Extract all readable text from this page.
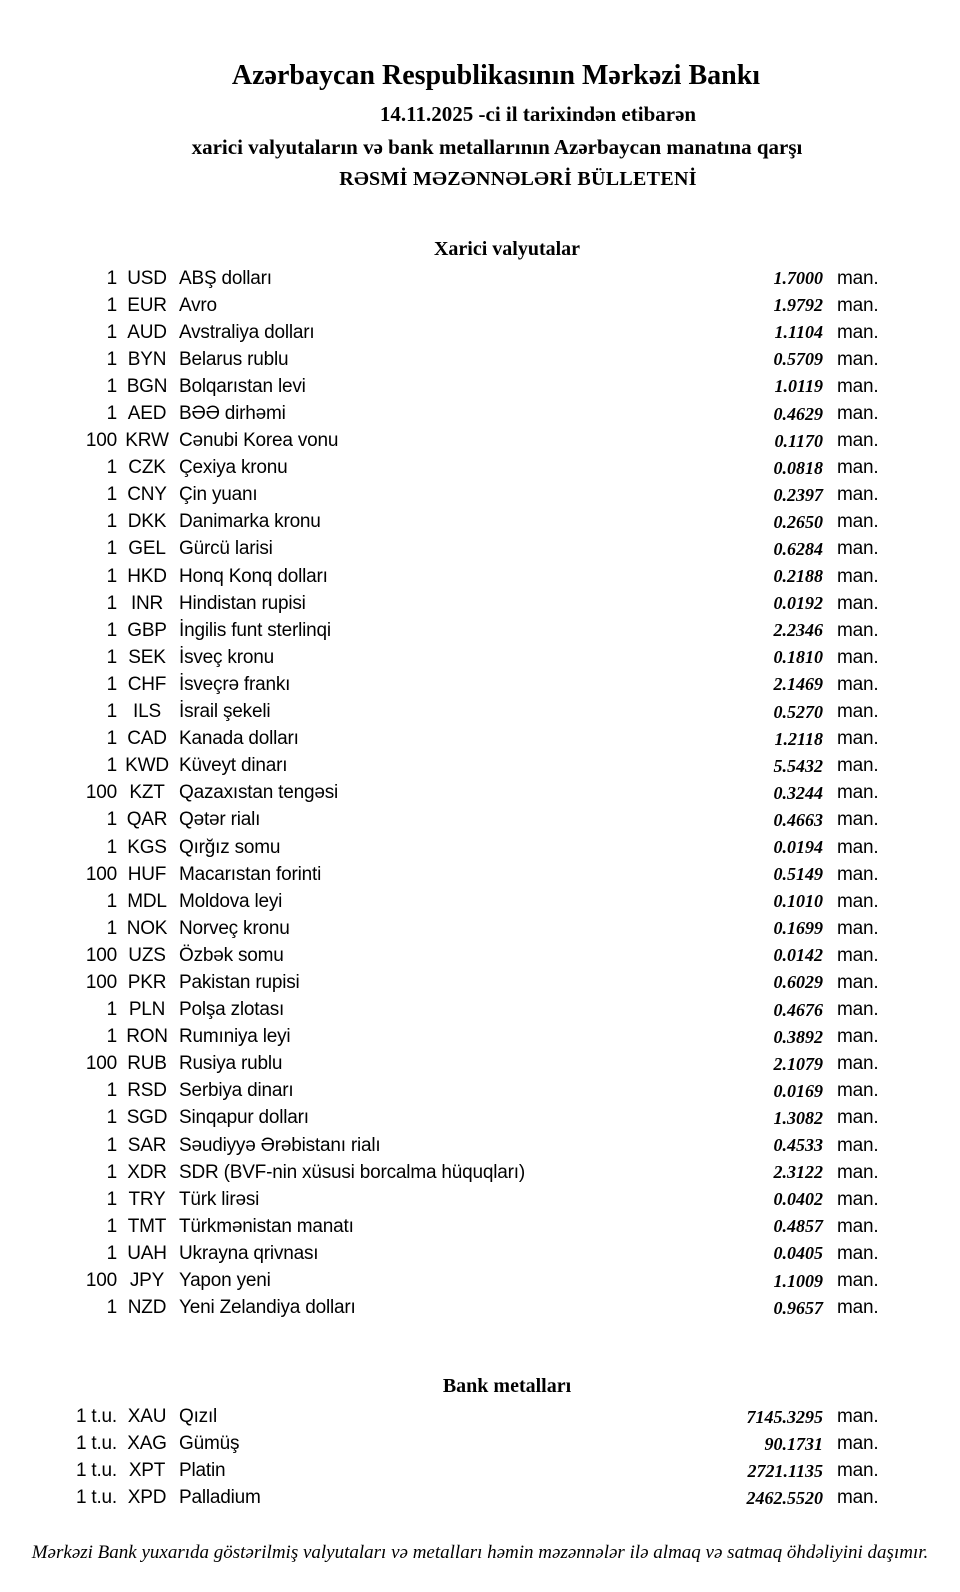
Azərbaycan Respublikasının Mərkəzi Bankı
14.11.2025 -ci il tarixindən etibarən
xarici valyutaların və bank metallarının Azərbaycan manatına qarşı
RƏSMİ MƏZƏNNƏLƏRİ BÜLLETENİ
Xarici valyutalar
1 USD ABŞ dolları	1.7000 man.
1 EUR Avro	1.9792 man.
1 AUD Avstraliya dolları	1.1104 man.
1 BYN Belarus rublu	0.5709 man.
1 BGN Bolqarıstan levi	1.0119 man.
1 AED BƏƏ dirhəmi	0.4629 man.
100 KRW Cənubi Korea vonu	0.1170 man.
1 CZK Çexiya kronu	0.0818 man.
1 CNY Çin yuanı	0.2397 man.
1 DKK Danimarka kronu	0.2650 man.
1 GEL Gürcü larisi	0.6284 man.
1 HKD Honq Konq dolları	0.2188 man.
1 INR Hindistan rupisi	0.0192 man.
1 GBP İngilis funt sterlinqi	2.2346 man.
1 SEK İsveç kronu	0.1810 man.
1 CHF İsveçrə frankı	2.1469 man.
1 ILS İsrail şekeli	0.5270 man.
1 CAD Kanada dolları	1.2118 man.
1 KWD Küveyt dinarı	5.5432 man.
100 KZT Qazaxıstan tengəsi	0.3244 man.
1 QAR Qətər rialı	0.4663 man.
1 KGS Qırğız somu	0.0194 man.
100 HUF Macarıstan forinti	0.5149 man.
1 MDL Moldova leyi	0.1010 man.
1 NOK Norveç kronu	0.1699 man.
100 UZS Özbək somu	0.0142 man.
100 PKR Pakistan rupisi	0.6029 man.
1 PLN Polşa zlotası	0.4676 man.
1 RON Rumıniya leyi	0.3892 man.
100 RUB Rusiya rublu	2.1079 man.
1 RSD Serbiya dinarı	0.0169 man.
1 SGD Sinqapur dolları	1.3082 man.
1 SAR Səudiyyə Ərəbistanı rialı	0.4533 man.
1 XDR SDR (BVF-nin xüsusi borcalma hüquqları)	2.3122 man.
1 TRY Türk lirəsi	0.0402 man.
1 TMT Türkmənistan manatı	0.4857 man.
1 UAH Ukrayna qrivnası	0.0405 man.
100 JPY Yapon yeni	1.1009 man.
1 NZD Yeni Zelandiya dolları	0.9657 man.
Bank metalları
1 t.u. XAU Qızıl	7145.3295 man.
1 t.u. XAG Gümüş	90.1731 man.
1 t.u. XPT Platin	2721.1135 man.
1 t.u. XPD Palladium	2462.5520 man.
Mərkəzi Bank yuxarıda göstərilmiş valyutaları və metalları həmin məzənnələr ilə almaq və satmaq öhdəliyini daşımır.
